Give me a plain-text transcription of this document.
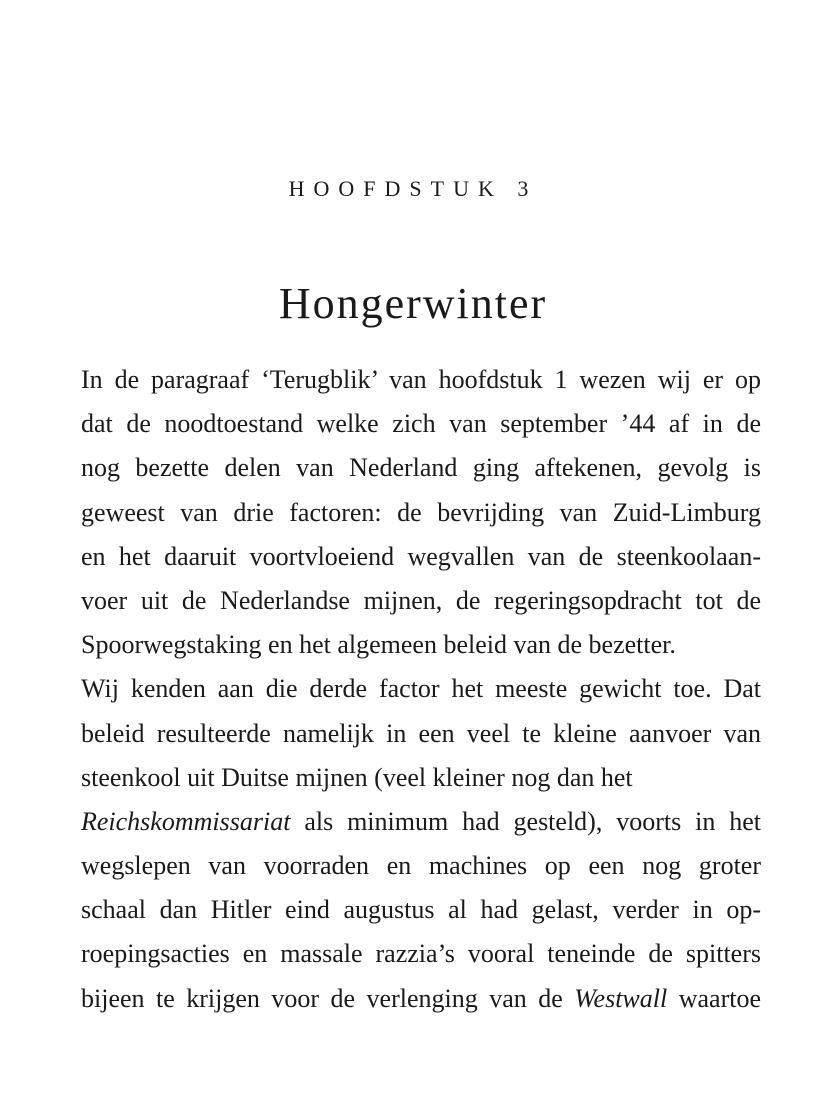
HOOFDSTUK 3
Hongerwinter
In de paragraaf ‘Terugblik’ van hoofdstuk 1 wezen wij er op
dat de noodtoestand welke zich van september ’44 af in de
nog bezette delen van Nederland ging aftekenen, gevolg is
geweest van drie factoren: de bevrijding van Zuid-Limburg
en het daaruit voortvloeiend wegvallen van de steenkoolaan-
voer uit de Nederlandse mijnen, de regeringsopdracht tot de
Spoorwegstaking en het algemeen beleid van de bezetter.
Wij kenden aan die derde factor het meeste gewicht toe. Dat
beleid resulteerde namelijk in een veel te kleine aanvoer van
steenkool uit Duitse mijnen (veel kleiner nog dan het
Reichskommissariat als minimum had gesteld), voorts in het
wegslepen van voorraden en machines op een nog groter
schaal dan Hitler eind augustus al had gelast, verder in op-
roepingsacties en massale razzia’s vooral teneinde de spitters
bijeen te krijgen voor de verlenging van de Westwall waartoe
